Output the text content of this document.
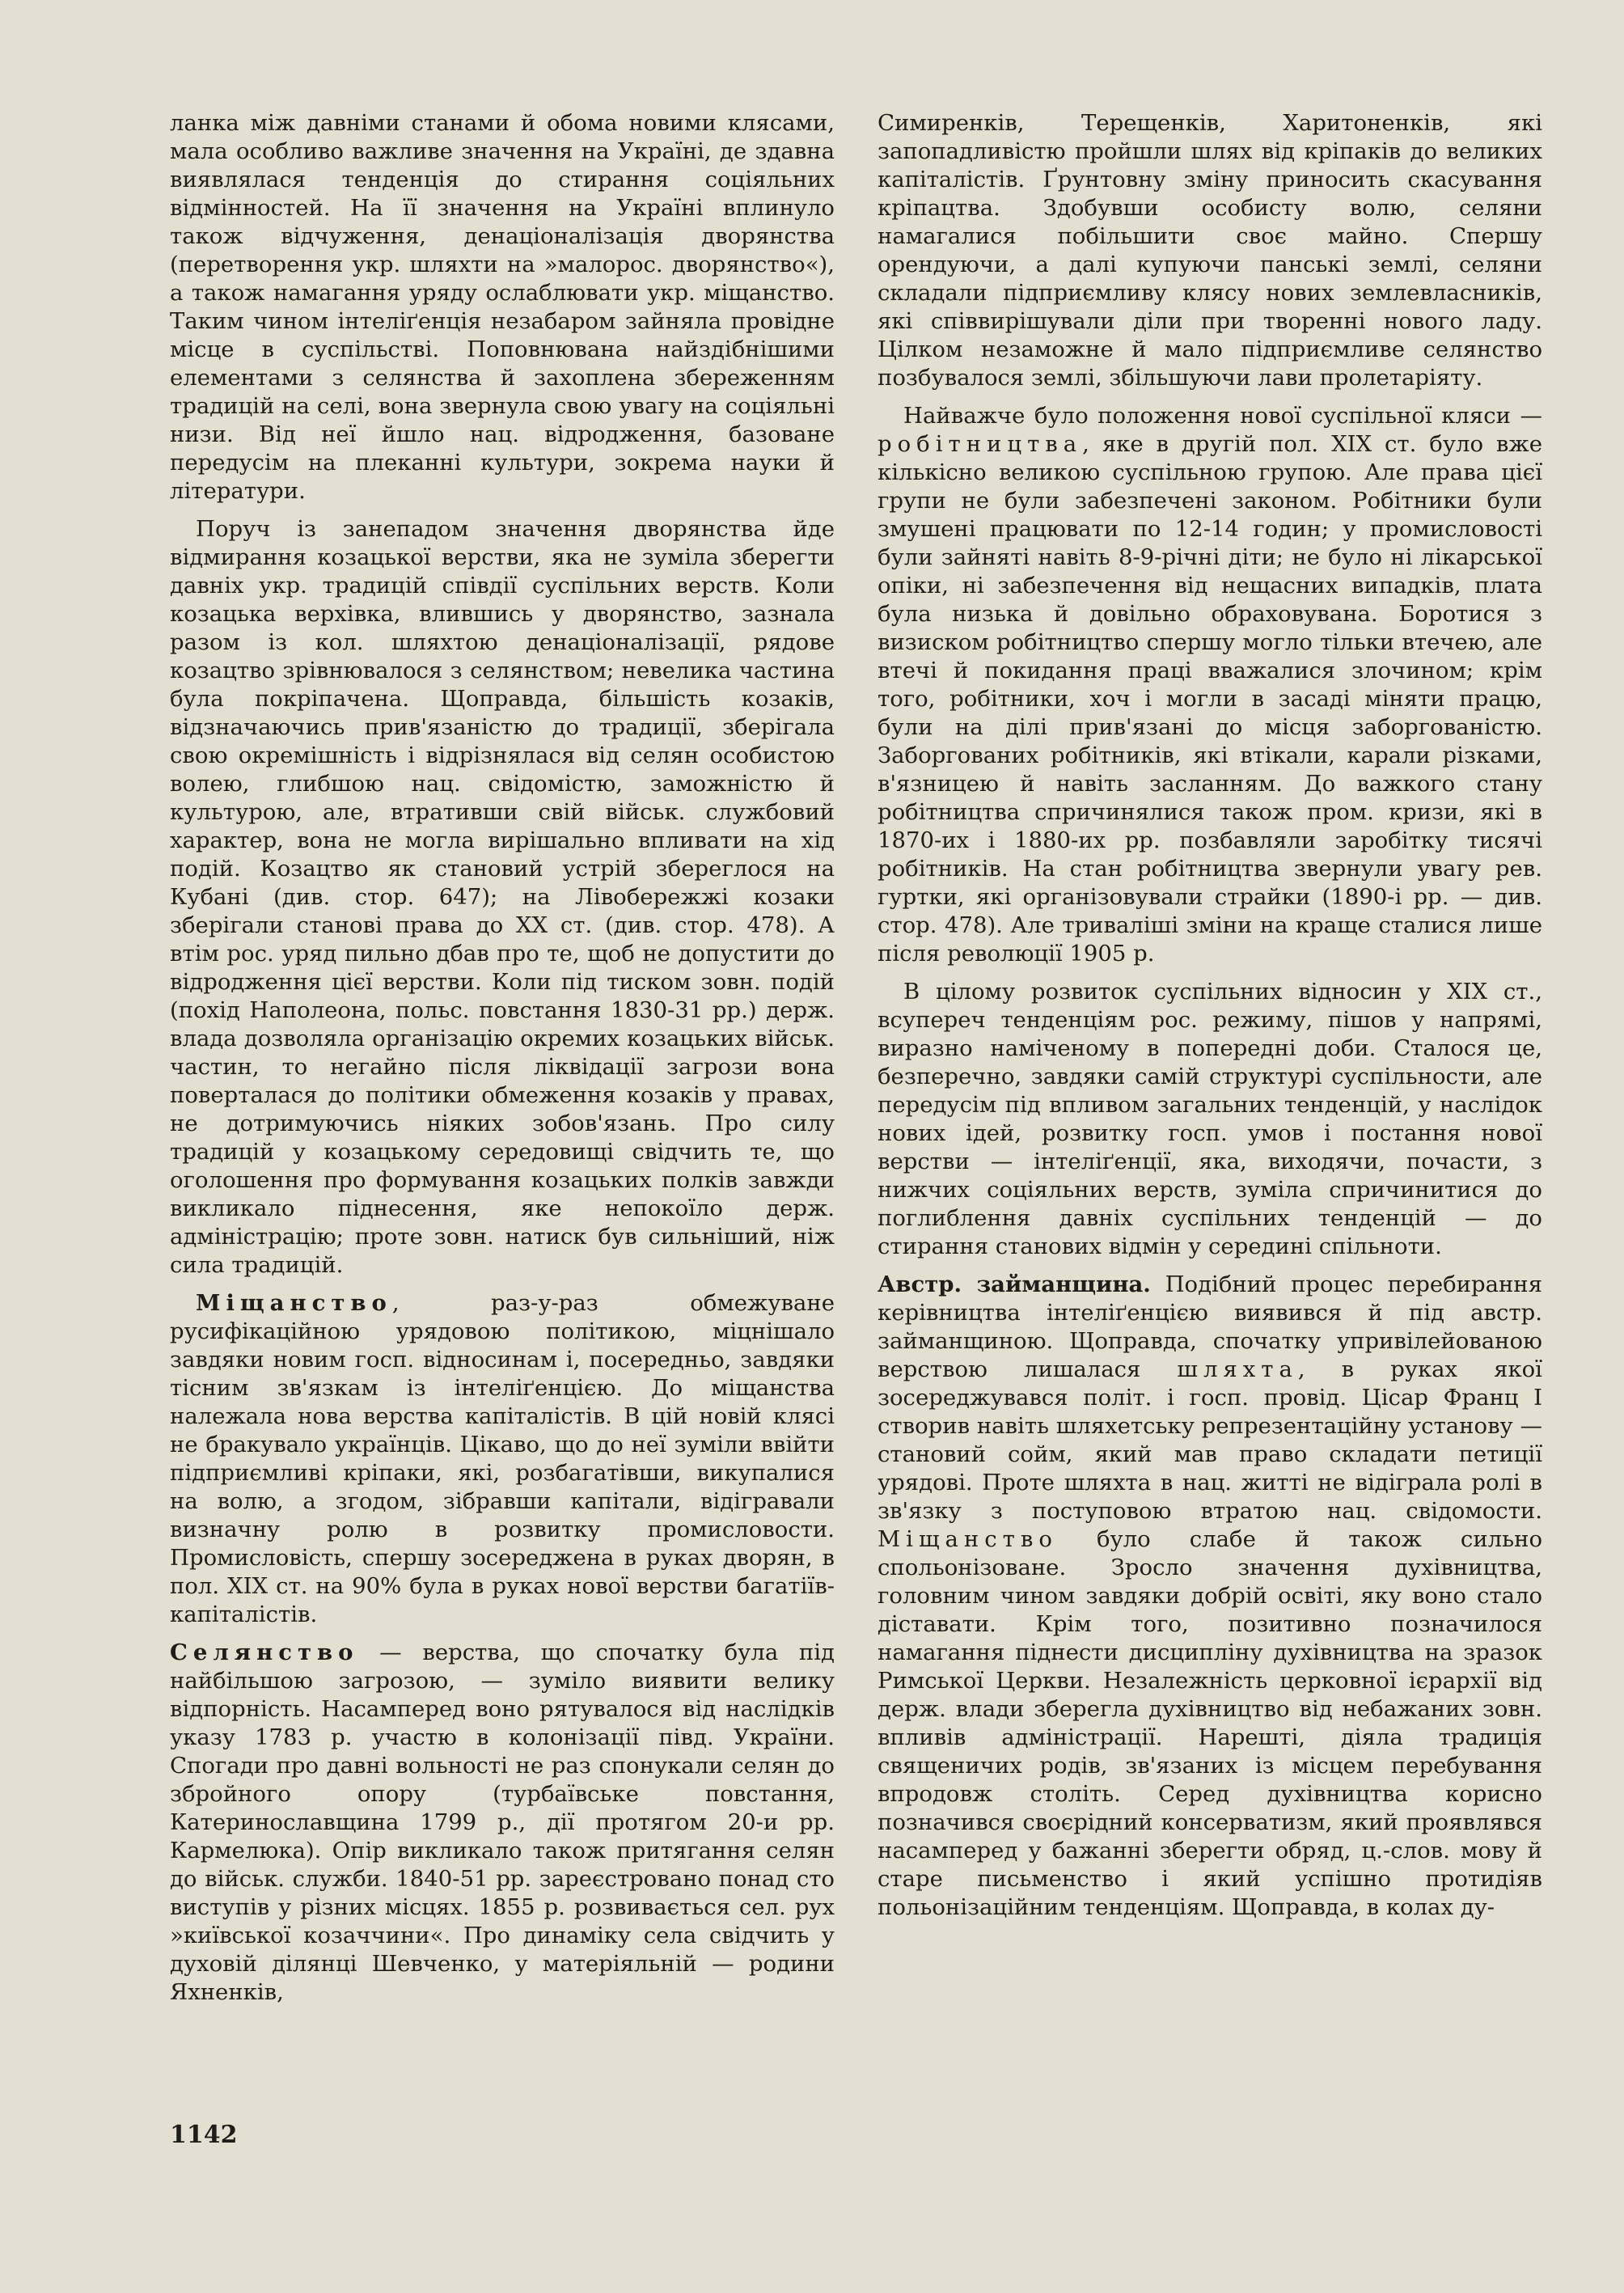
ланка між давніми станами й обома новими клясами, мала особливо важливе значення на Україні, де здавна виявлялася тенденція до стирання соціяльних відмінностей. На її значення на Україні вплинуло також відчуження, денаціоналізація дворянства (перетворення укр. шляхти на »малорос. дворянство«), а також намагання уряду ослаблювати укр. міщанство. Таким чином інтеліґенція незабаром зайняла провідне місце в суспільстві. Поповнювана найздібнішими елементами з селянства й захоплена збереженням традицій на селі, вона звернула свою увагу на соціяльні низи. Від неї йшло нац. відродження, базоване передусім на плеканні культури, зокрема науки й літератури.

Поруч із занепадом значення дворянства йде відмирання козацької верстви, яка не зуміла зберегти давніх укр. традицій співдії суспільних верств. Коли козацька верхівка, влившись у дворянство, зазнала разом із кол. шляхтою денаціоналізації, рядове козацтво зрівнювалося з селянством; невелика частина була покріпачена. Щоправда, більшість козаків, відзначаючись прив'язаністю до традиції, зберігала свою окремішність і відрізнялася від селян особистою волею, глибшою нац. свідомістю, заможністю й культурою, але, втративши свій військ. службовий характер, вона не могла вирішально впливати на хід подій. Козацтво як становий устрій збереглося на Кубані (див. стор. 647); на Лівобережжі козаки зберігали станові права до XX ст. (див. стор. 478). А втім рос. уряд пильно дбав про те, щоб не допустити до відродження цієї верстви. Коли під тиском зовн. подій (похід Наполеона, польс. повстання 1830-31 рр.) держ. влада дозволяла організацію окремих козацьких військ. частин, то негайно після ліквідації загрози вона поверталася до політики обмеження козаків у правах, не дотримуючись ніяких зобов'язань. Про силу традицій у козацькому середовищі свідчить те, що оголошення про формування козацьких полків завжди викликало піднесення, яке непокоїло держ. адміністрацію; проте зовн. натиск був сильніший, ніж сила традицій.

Міщанство, раз-у-раз обмежуване русифікаційною урядовою політикою, міцнішало завдяки новим госп. відносинам і, посередньо, завдяки тісним зв'язкам із інтеліґенцією. До міщанства належала нова верства капіталістів. В цій новій клясі не бракувало українців. Цікаво, що до неї зуміли ввійти підприємливі кріпаки, які, розбагатівши, викупалися на волю, а згодом, зібравши капітали, відігравали визначну ролю в розвитку промисловости. Промисловість, спершу зосереджена в руках дворян, в пол. XIX ст. на 90% була в руках нової верстви багатіїв-капіталістів.

Селянство — верства, що спочатку була під найбільшою загрозою, — зуміло виявити велику відпорність. Насамперед воно рятувалося від наслідків указу 1783 р. участю в колонізації півд. України. Спогади про давні вольності не раз спонукали селян до збройного опору (турбаївське повстання, Катеринославщина 1799 р., дії протягом 20-и рр. Кармелюка). Опір викликало також притягання селян до військ. служби. 1840-51 рр. зареєстровано понад сто виступів у різних місцях. 1855 р. розвивається сел. рух »київської козаччини«. Про динаміку села свідчить у духовій ділянці Шевченко, у матеріяльній — родини Яхненків,

Симиренків, Терещенків, Харитоненків, які запопадливістю пройшли шлях від кріпаків до великих капіталістів. Ґрунтовну зміну приносить скасування кріпацтва. Здобувши особисту волю, селяни намагалися побільшити своє майно. Спершу орендуючи, а далі купуючи панські землі, селяни складали підприємливу клясу нових землевласників, які співвирішували діли при творенні нового ладу. Цілком незаможне й мало підприємливе селянство позбувалося землі, збільшуючи лави пролетаріяту.

Найважче було положення нової суспільної кляси — робітництва, яке в другій пол. XIX ст. було вже кількісно великою суспільною групою. Але права цієї групи не були забезпечені законом. Робітники були змушені працювати по 12-14 годин; у промисловості були зайняті навіть 8-9-річні діти; не було ні лікарської опіки, ні забезпечення від нещасних випадків, плата була низька й довільно обраховувана. Боротися з визиском робітництво спершу могло тільки втечею, але втечі й покидання праці вважалися злочином; крім того, робітники, хоч і могли в засаді міняти працю, були на ділі прив'язані до місця заборгованістю. Заборгованих робітників, які втікали, карали різками, в'язницею й навіть засланням. До важкого стану робітництва спричинялися також пром. кризи, які в 1870-их і 1880-их рр. позбавляли заробітку тисячі робітників. На стан робітництва звернули увагу рев. гуртки, які організовували страйки (1890-і рр. — див. стор. 478). Але триваліші зміни на краще сталися лише після революції 1905 р.

В цілому розвиток суспільних відносин у XIX ст., всупереч тенденціям рос. режиму, пішов у напрямі, виразно наміченому в попередні доби. Сталося це, безперечно, завдяки самій структурі суспільности, але передусім під впливом загальних тенденцій, у наслідок нових ідей, розвитку госп. умов і постання нової верстви — інтеліґенції, яка, виходячи, почасти, з нижчих соціяльних верств, зуміла спричинитися до поглиблення давніх суспільних тенденцій — до стирання станових відмін у середині спільноти.

Австр. займанщина. Подібний процес перебирання керівництва інтеліґенцією виявився й під австр. займанщиною. Щоправда, спочатку упривілейованою верствою лишалася шляхта, в руках якої зосереджувався політ. і госп. провід. Цісар Франц I створив навіть шляхетську репрезентаційну установу — становий сойм, який мав право складати петиції урядові. Проте шляхта в нац. житті не відіграла ролі в зв'язку з поступовою втратою нац. свідомости. Міщанство було слабе й також сильно спольонізоване. Зросло значення духівництва, головним чином завдяки добрій освіті, яку воно стало діставати. Крім того, позитивно позначилося намагання піднести дисципліну духівництва на зразок Римської Церкви. Незалежність церковної ієрархії від держ. влади зберегла духівництво від небажаних зовн. впливів адміністрації. Нарешті, діяла традиція священичих родів, зв'язаних із місцем перебування впродовж століть. Серед духівництва корисно позначився своєрідний консерватизм, який проявлявся насамперед у бажанні зберегти обряд, ц.-слов. мову й старе письменство і який успішно протидіяв польонізаційним тенденціям. Щоправда, в колах ду-

1142
